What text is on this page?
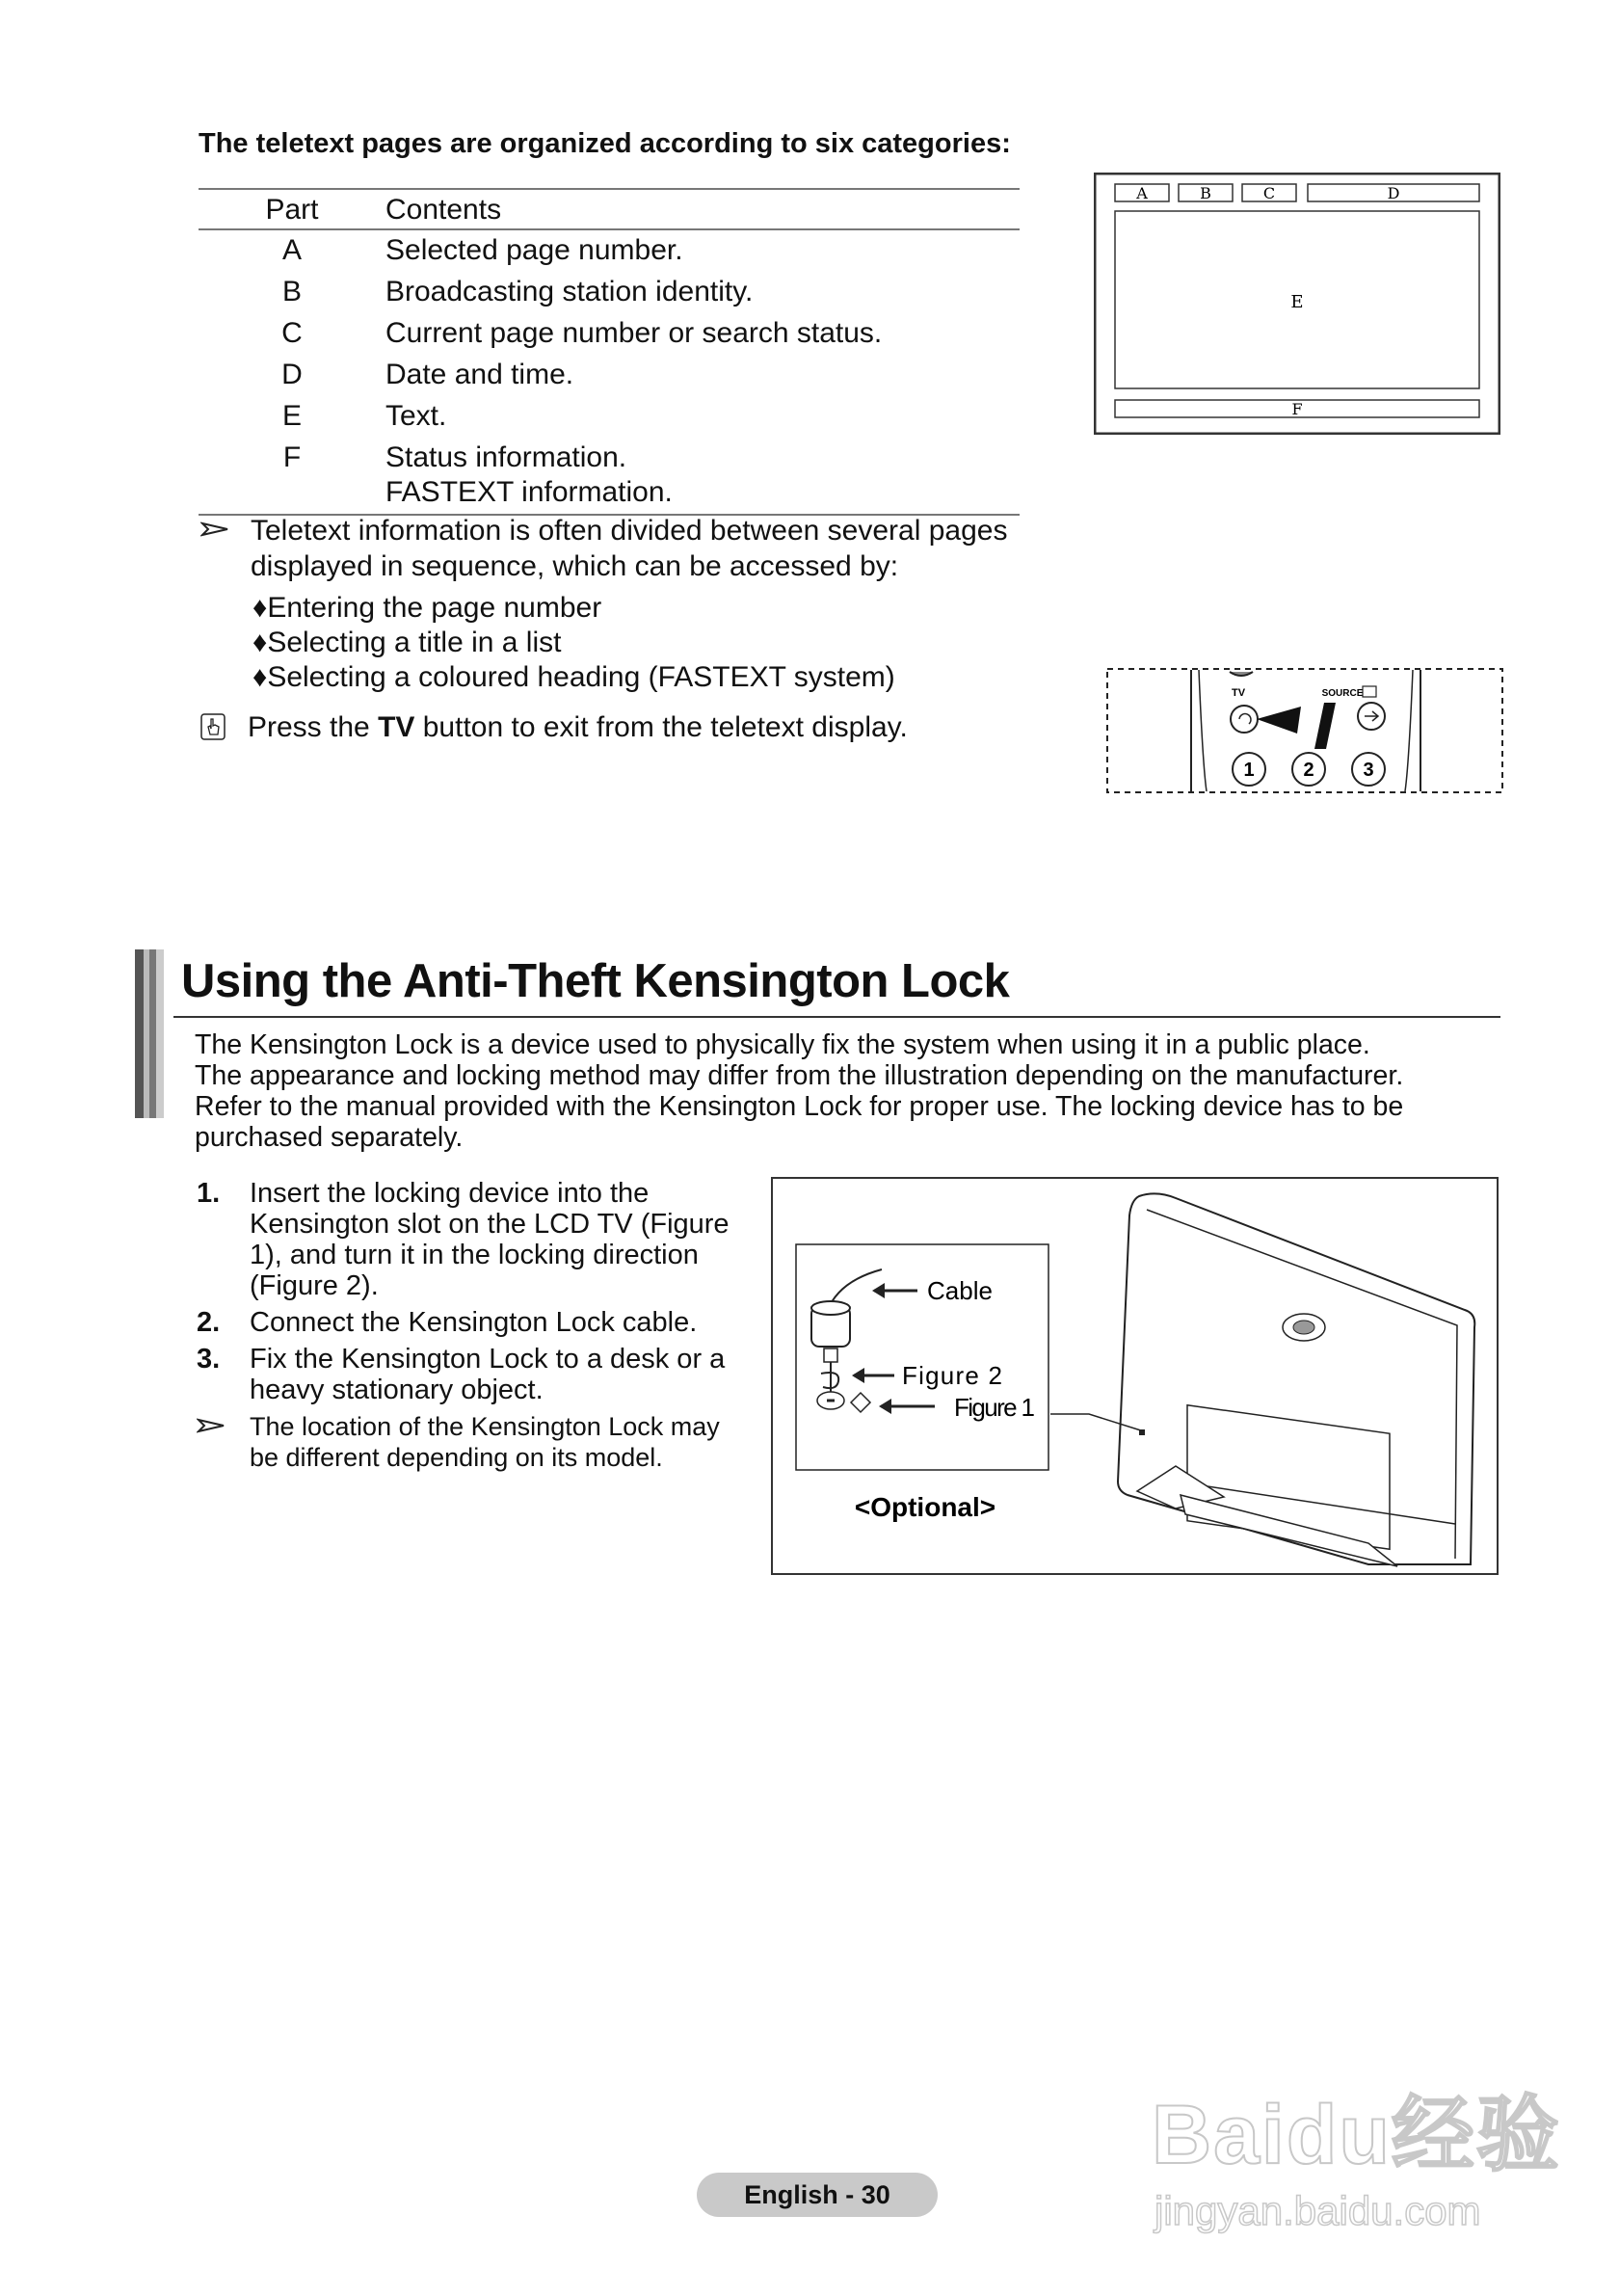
The teletext pages are organized according to six categories:
Part	Contents
A	Selected page number.
B	Broadcasting station identity.
C	Current page number or search status.
D	Date and time.
E	Text.
F	Status information.
FASTEXT information.
Teletext information is often divided between several pages
displayed in sequence, which can be accessed by:
♦ Entering the page number
♦ Selecting a title in a list
♦ Selecting a coloured heading (FASTEXT system)
Press the TV button to exit from the teletext display.
A	B	C	D
E
F
TV	SOURCE
1	2	3
Using the Anti-Theft Kensington Lock
The Kensington Lock is a device used to physically fix the system when using it in a public place.
The appearance and locking method may differ from the illustration depending on the manufacturer.
Refer to the manual provided with the Kensington Lock for proper use. The locking device has to be
purchased separately.
1. Insert the locking device into the
Kensington slot on the LCD TV (Figure
1), and turn it in the locking direction
(Figure 2).
2. Connect the Kensington Lock cable.
3. Fix the Kensington Lock to a desk or a
heavy stationary object.
The location of the Kensington Lock may
be different depending on its model.
Cable
Figure 2
Figure 1
<Optional>
Baidu经验
jingyan.baidu.com
English - 30
